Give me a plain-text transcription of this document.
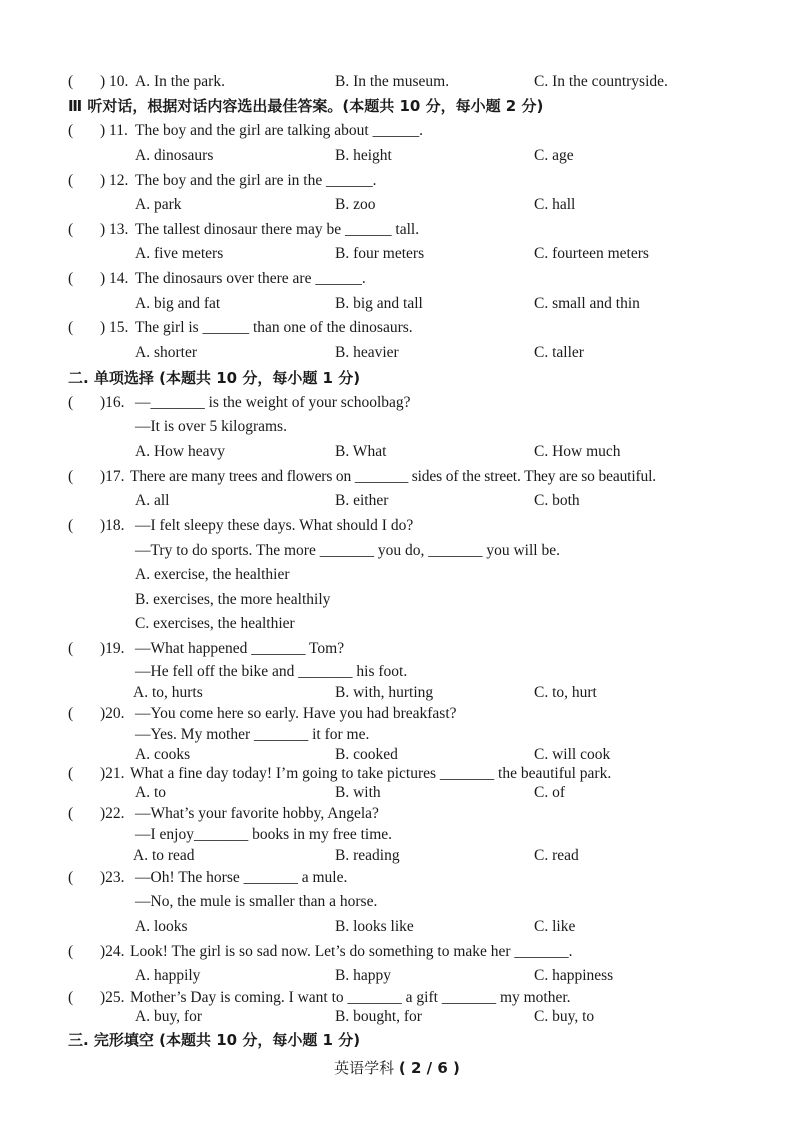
( ) 10. A. In the park.	B. In the museum.	C. In the countryside.
Ⅲ 听对话，根据对话内容选出最佳答案。(本题共 10 分，每小题 2 分)
( ) 11. The boy and the girl are talking about ______.
A. dinosaurs	B. height	C. age
( ) 12. The boy and the girl are in the ______.
A. park	B. zoo	C. hall
( ) 13. The tallest dinosaur there may be ______ tall.
A. five meters	B. four meters	C. fourteen meters
( ) 14. The dinosaurs over there are ______.
A. big and fat	B. big and tall	C. small and thin
( ) 15. The girl is ______ than one of the dinosaurs.
A. shorter	B. heavier	C. taller
二. 单项选择 (本题共 10 分，每小题 1 分)
( )16. —_______ is the weight of your schoolbag?
—It is over 5 kilograms.
A. How heavy	B. What	C. How much
( )17. There are many trees and flowers on _______ sides of the street. They are so beautiful.
A. all	B. either	C. both
( )18. —I felt sleepy these days. What should I do?
—Try to do sports. The more _______ you do, _______ you will be.
A. exercise, the healthier
B. exercises, the more healthily
C. exercises, the healthier
( )19. —What happened _______ Tom?
—He fell off the bike and _______ his foot.
A. to, hurts	B. with, hurting	C. to, hurt
( )20. —You come here so early. Have you had breakfast?
—Yes. My mother _______ it for me.
A. cooks	B. cooked	C. will cook
( )21. What a fine day today! I’m going to take pictures _______ the beautiful park.
A. to	B. with	C. of
( )22. —What’s your favorite hobby, Angela?
—I enjoy_______ books in my free time.
A. to read	B. reading	C. read
( )23. —Oh! The horse _______ a mule.
—No, the mule is smaller than a horse.
A. looks	B. looks like	C. like
( )24. Look! The girl is so sad now. Let’s do something to make her _______.
A. happily	B. happy	C. happiness
( )25. Mother’s Day is coming. I want to _______ a gift _______ my mother.
A. buy, for	B. bought, for	C. buy, to
三. 完形填空 (本题共 10 分，每小题 1 分)
英语学科 ( 2 / 6 )
